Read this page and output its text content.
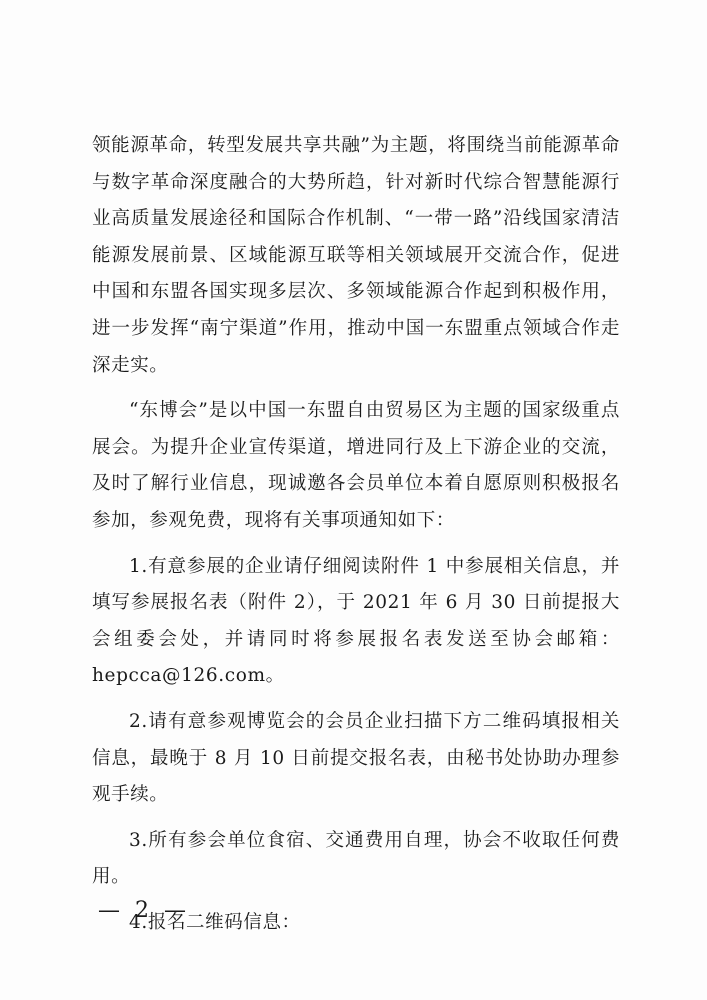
领能源革命，转型发展共享共融”为主题，将围绕当前能源革命与数字革命深度融合的大势所趋，针对新时代综合智慧能源行业高质量发展途径和国际合作机制、“一带一路”沿线国家清洁能源发展前景、区域能源互联等相关领域展开交流合作，促进中国和东盟各国实现多层次、多领域能源合作起到积极作用，进一步发挥“南宁渠道”作用，推动中国一东盟重点领域合作走深走实。

“东博会”是以中国一东盟自由贸易区为主题的国家级重点展会。为提升企业宣传渠道，增进同行及上下游企业的交流，及时了解行业信息，现诚邀各会员单位本着自愿原则积极报名参加，参观免费，现将有关事项通知如下：

1.有意参展的企业请仔细阅读附件 1 中参展相关信息，并填写参展报名表（附件 2），于 2021 年 6 月 30 日前提报大会组委会处，并请同时将参展报名表发送至协会邮箱：hepcca@126.com。

2.请有意参观博览会的会员企业扫描下方二维码填报相关信息，最晚于 8 月 10 日前提交报名表，由秘书处协助办理参观手续。

3.所有参会单位食宿、交通费用自理，协会不收取任何费用。

4.报名二维码信息：

— 2 —
